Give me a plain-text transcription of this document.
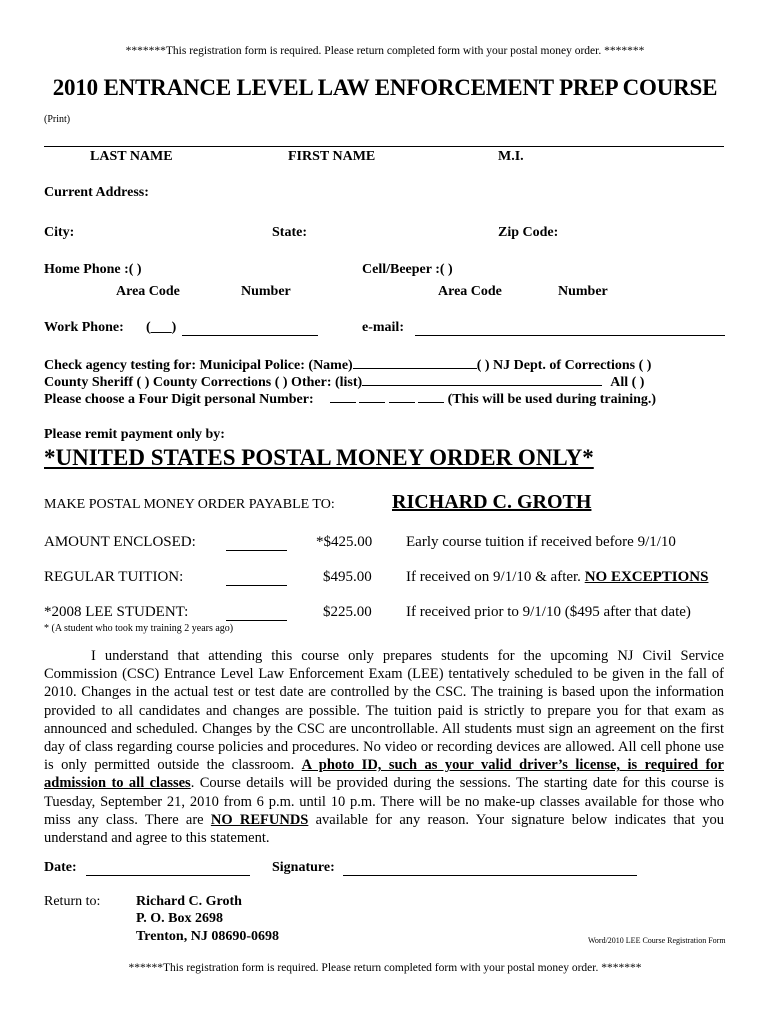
*******This registration form is required. Please return completed form with your postal money order. *******
2010 ENTRANCE LEVEL LAW ENFORCEMENT PREP COURSE
(Print)
LAST NAME	FIRST NAME	M.I.
Current Address:
City:	State:	Zip Code:
Home Phone :( )	Cell/Beeper :( )
Area Code	Number	Area Code	Number
Work Phone: (___)	e-mail:
Check agency testing for: Municipal Police: (Name)	( ) NJ Dept. of Corrections ( )
County Sheriff ( ) County Corrections ( ) Other: (list)	All ( )
Please choose a Four Digit personal Number:	(This will be used during training.)
Please remit payment only by:
*UNITED STATES POSTAL MONEY ORDER ONLY*
MAKE POSTAL MONEY ORDER PAYABLE TO:	RICHARD C. GROTH
AMOUNT ENCLOSED:	*$425.00 Early course tuition if received before 9/1/10
REGULAR TUITION:	$495.00 If received on 9/1/10 & after. NO EXCEPTIONS
*2008 LEE STUDENT:	$225.00 If received prior to 9/1/10 ($495 after that date)
* (A student who took my training 2 years ago)
I understand that attending this course only prepares students for the upcoming NJ Civil Service Commission (CSC) Entrance Level Law Enforcement Exam (LEE) tentatively scheduled to be given in the fall of 2010. Changes in the actual test or test date are controlled by the CSC. The training is based upon the information provided to all candidates and changes are possible. The tuition paid is strictly to prepare you for that exam as announced and scheduled. Changes by the CSC are uncontrollable. All students must sign an agreement on the first day of class regarding course policies and procedures. No video or recording devices are allowed. All cell phone use is only permitted outside the classroom. A photo ID, such as your valid driver’s license, is required for admission to all classes. Course details will be provided during the sessions. The starting date for this course is Tuesday, September 21, 2010 from 6 p.m. until 10 p.m. There will be no make-up classes available for those who miss any class. There are NO REFUNDS available for any reason. Your signature below indicates that you understand and agree to this statement.
Date:	Signature:
Return to:	Richard C. Groth
P. O. Box 2698
Trenton, NJ 08690-0698	Word/2010 LEE Course Registration Form
******This registration form is required. Please return completed form with your postal money order. *******
